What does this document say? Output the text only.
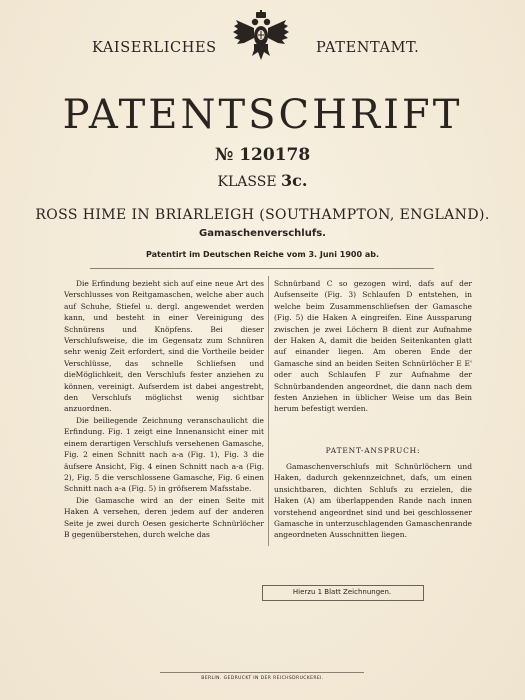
KAISERLICHES	PATENTAMT.
PATENTSCHRIFT
№ 120178
KLASSE 3c.
ROSS HIME IN BRIARLEIGH (SOUTHAMPTON, ENGLAND).
Gamaschenverschlufs.
Patentirt im Deutschen Reiche vom 3. Juni 1900 ab.

Die Erfindung bezieht sich auf eine neue Art des Verschlusses von Reitgamaschen, welche aber auch auf Schuhe, Stiefel u. dergl. angewendet werden kann, und besteht in einer Vereinigung des Schnürens und Knöpfens. Bei dieser Verschlufsweise, die im Gegensatz zum Schnüren sehr wenig Zeit erfordert, sind die Vortheile beider Verschlüsse, das schnelle Schliefsen und dieMöglichkeit, den Verschlufs fester anziehen zu können, vereinigt. Aufserdem ist dabei angestrebt, den Verschlufs möglichst wenig sichtbar anzuordnen.

Die beiliegende Zeichnung veranschaulicht die Erfindung. Fig. 1 zeigt eine Innenansicht einer mit einem derartigen Verschlufs versehenen Gamasche, Fig. 2 einen Schnitt nach a-a (Fig. 1), Fig. 3 die äufsere Ansicht, Fig. 4 einen Schnitt nach a-a (Fig. 2), Fig. 5 die verschlossene Gamasche, Fig. 6 einen Schnitt nach a-a (Fig. 5) in gröfserem Mafsstabe.

Die Gamasche wird an der einen Seite mit Haken A versehen, deren jedem auf der anderen Seite je zwei durch Oesen gesicherte Schnürlöcher B gegenüberstehen, durch welche das

Schnürband C so gezogen wird, dafs auf der Aufsenseite (Fig. 3) Schlaufen D entstehen, in welche beim Zusammenschliefsen der Gamasche (Fig. 5) die Haken A eingreifen. Eine Aussparung zwischen je zwei Löchern B dient zur Aufnahme der Haken A, damit die beiden Seitenkanten glatt auf einander liegen. Am oberen Ende der Gamasche sind an beiden Seiten Schnürlöcher E E' oder auch Schlaufen F zur Aufnahme der Schnürbandenden angeordnet, die dann nach dem festen Anziehen in üblicher Weise um das Bein herum befestigt werden.

PATENT-ANSPRUCH:

Gamaschenverschlufs mit Schnürlöchern und Haken, dadurch gekennzeichnet, dafs, um einen unsichtbaren, dichten Schlufs zu erzielen, die Haken (A) am überlappenden Rande nach innen vorstehend angeordnet sind und bei geschlossener Gamasche in unterzuschlagenden Gamaschenrande angeordneten Ausschnitten liegen.

Hierzu 1 Blatt Zeichnungen.
BERLIN. GEDRUCKT IN DER REICHSDRUCKEREI.
